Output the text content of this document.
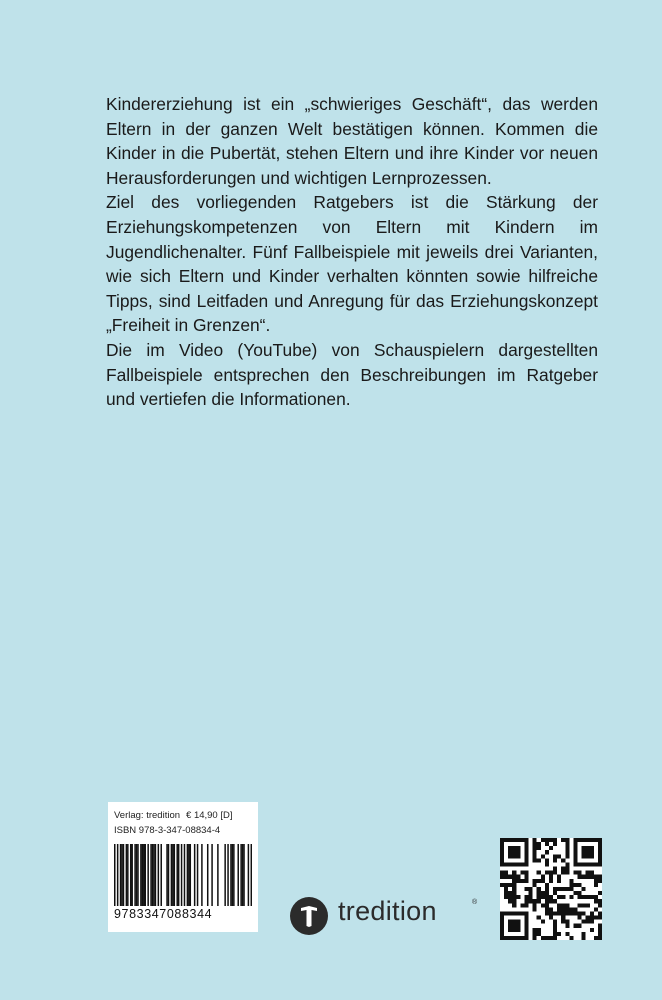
Kindererziehung ist ein „schwieriges Geschäft“, das werden Eltern in der ganzen Welt bestätigen können. Kommen die Kinder in die Pubertät, stehen Eltern und ihre Kinder vor neuen Herausforderungen und wichtigen Lernprozessen.

Ziel des vorliegenden Ratgebers ist die Stärkung der Erziehungskompetenzen von Eltern mit Kindern im Jugendlichenalter. Fünf Fallbeispiele mit jeweils drei Varianten, wie sich Eltern und Kinder verhalten könnten sowie hilfreiche Tipps, sind Leitfaden und Anregung für das Erziehungskonzept „Freiheit in Grenzen“.

Die im Video (YouTube) von Schauspielern dargestellten Fallbeispiele entsprechen den Beschreibungen im Ratgeber und vertiefen die Informationen.

Verlag: tredition € 14,90 [D]
ISBN 978-3-347-08834-4
9783347088344	tredition	®
